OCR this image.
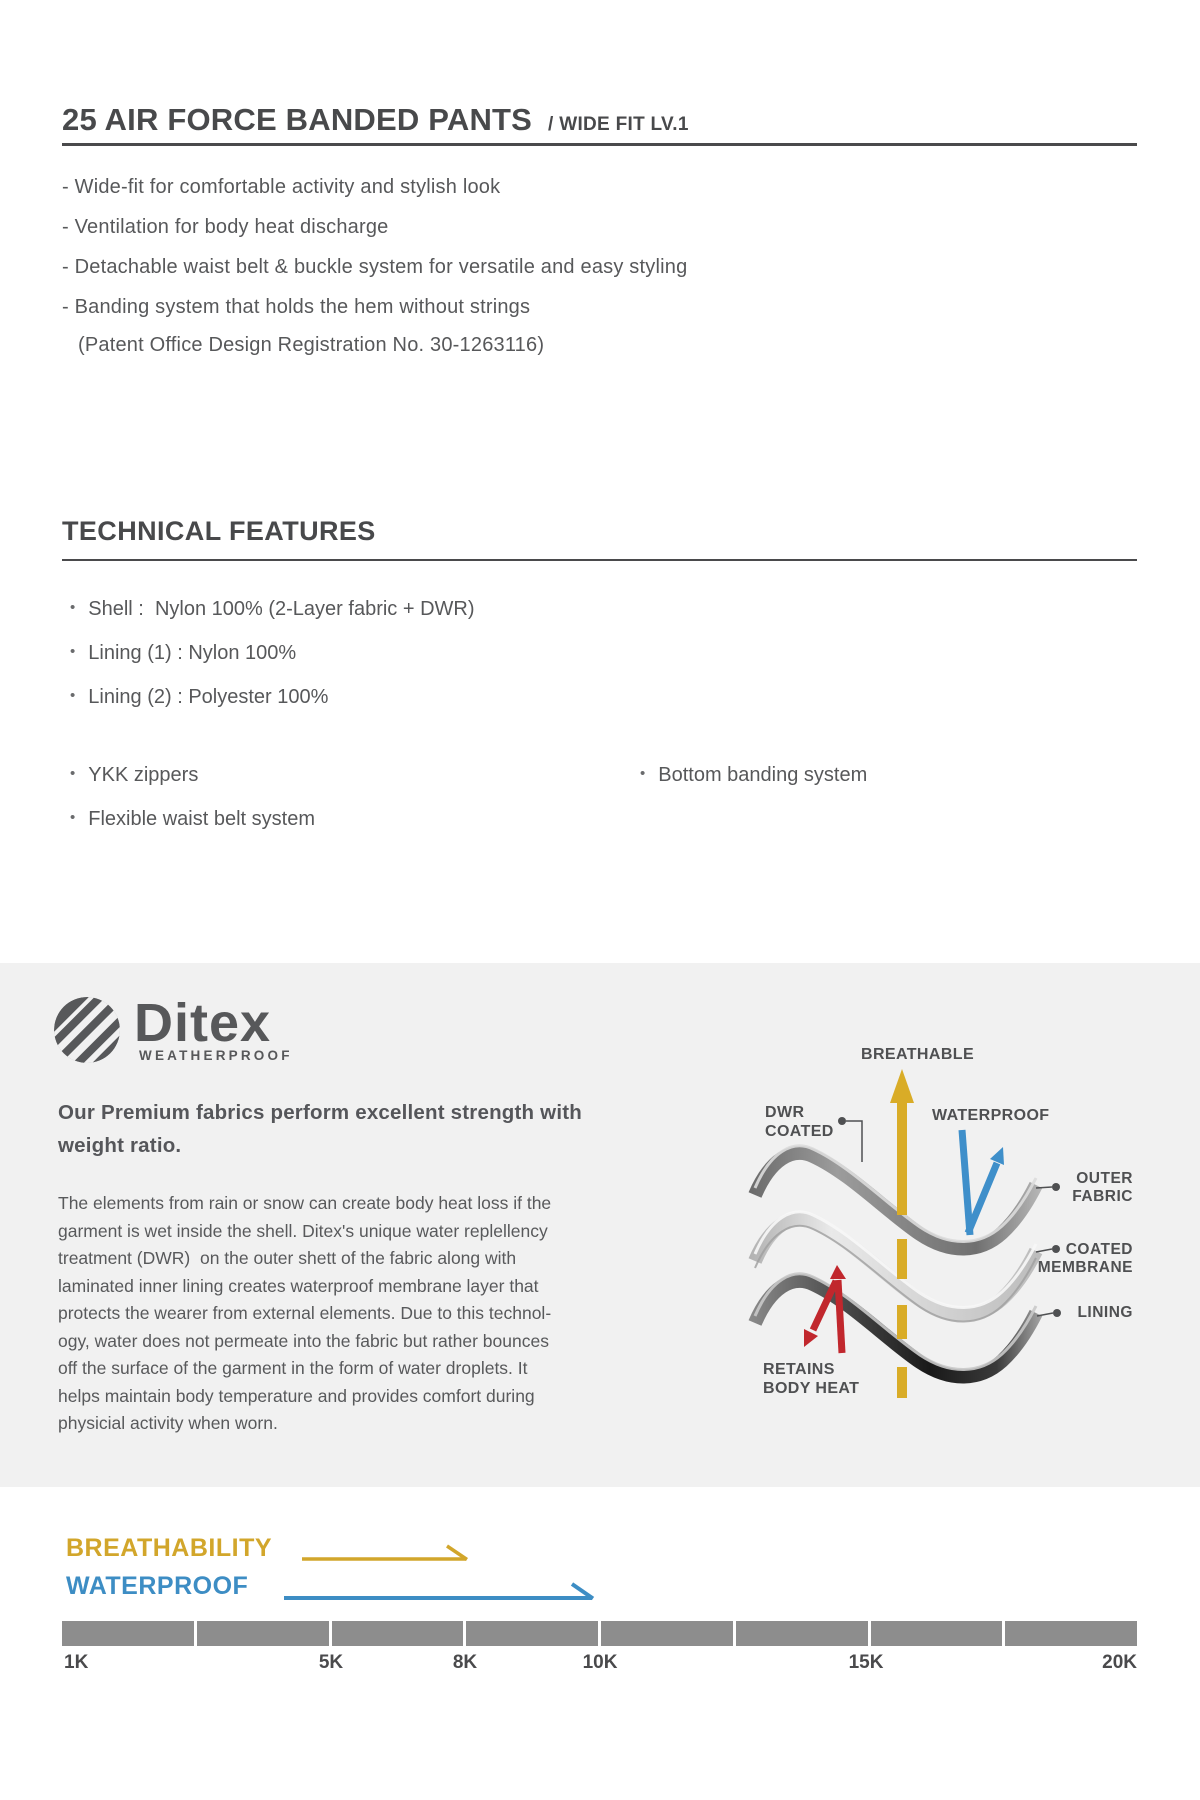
25 AIR FORCE BANDED PANTS / WIDE FIT LV.1
- Wide-fit for comfortable activity and stylish look
- Ventilation for body heat discharge
- Detachable waist belt & buckle system for versatile and easy styling
- Banding system that holds the hem without strings
(Patent Office Design Registration No. 30-1263116)
TECHNICAL FEATURES
• Shell :  Nylon 100% (2-Layer fabric + DWR)
• Lining (1) : Nylon 100%
• Lining (2) : Polyester 100%
• YKK zippers
• Flexible waist belt system
• Bottom banding system
Ditex
WEATHERPROOF
Our Premium fabrics perform excellent strength with weight ratio.
The elements from rain or snow can create body heat loss if the
garment is wet inside the shell. Ditex's unique water replellency
treatment (DWR)  on the outer shett of the fabric along with
laminated inner lining creates waterproof membrane layer that
protects the wearer from external elements. Due to this technol-
ogy, water does not permeate into the fabric but rather bounces
off the surface of the garment in the form of water droplets. It
helps maintain body temperature and provides comfort during
physicial activity when worn.
BREATHABLE
DWR
COATED
WATERPROOF
RETAINS
BODY HEAT
OUTER
FABRIC
COATED
MEMBRANE
LINING
BREATHABILITY
WATERPROOF
1K	5K	8K	10K	15K	20K
